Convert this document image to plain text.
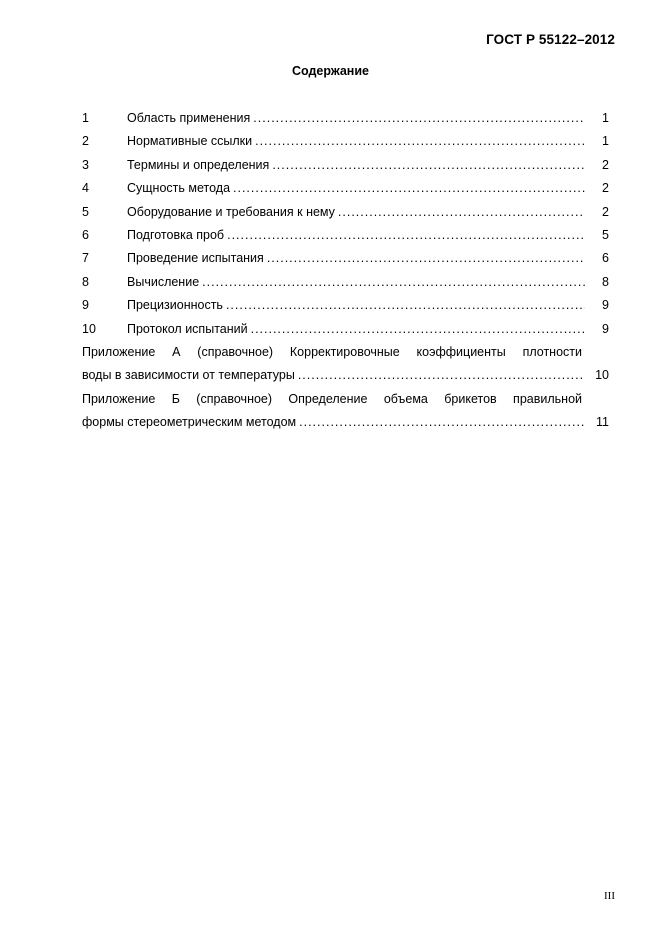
ГОСТ Р 55122–2012
Содержание
1	Область применения .....	1
2	Нормативные ссылки .....	1
3	Термины и определения .....	2
4	Сущность метода .....	2
5	Оборудование и требования к нему .....	2
6	Подготовка проб .....	5
7	Проведение испытания .....	6
8	Вычисление .....	8
9	Прецизионность .....	9
10	Протокол испытаний .....	9
Приложение А (справочное) Корректировочные коэффициенты плотности
воды в зависимости от температуры .....	10
Приложение Б (справочное) Определение объема брикетов правильной
формы стереометрическим методом .....	11
III
